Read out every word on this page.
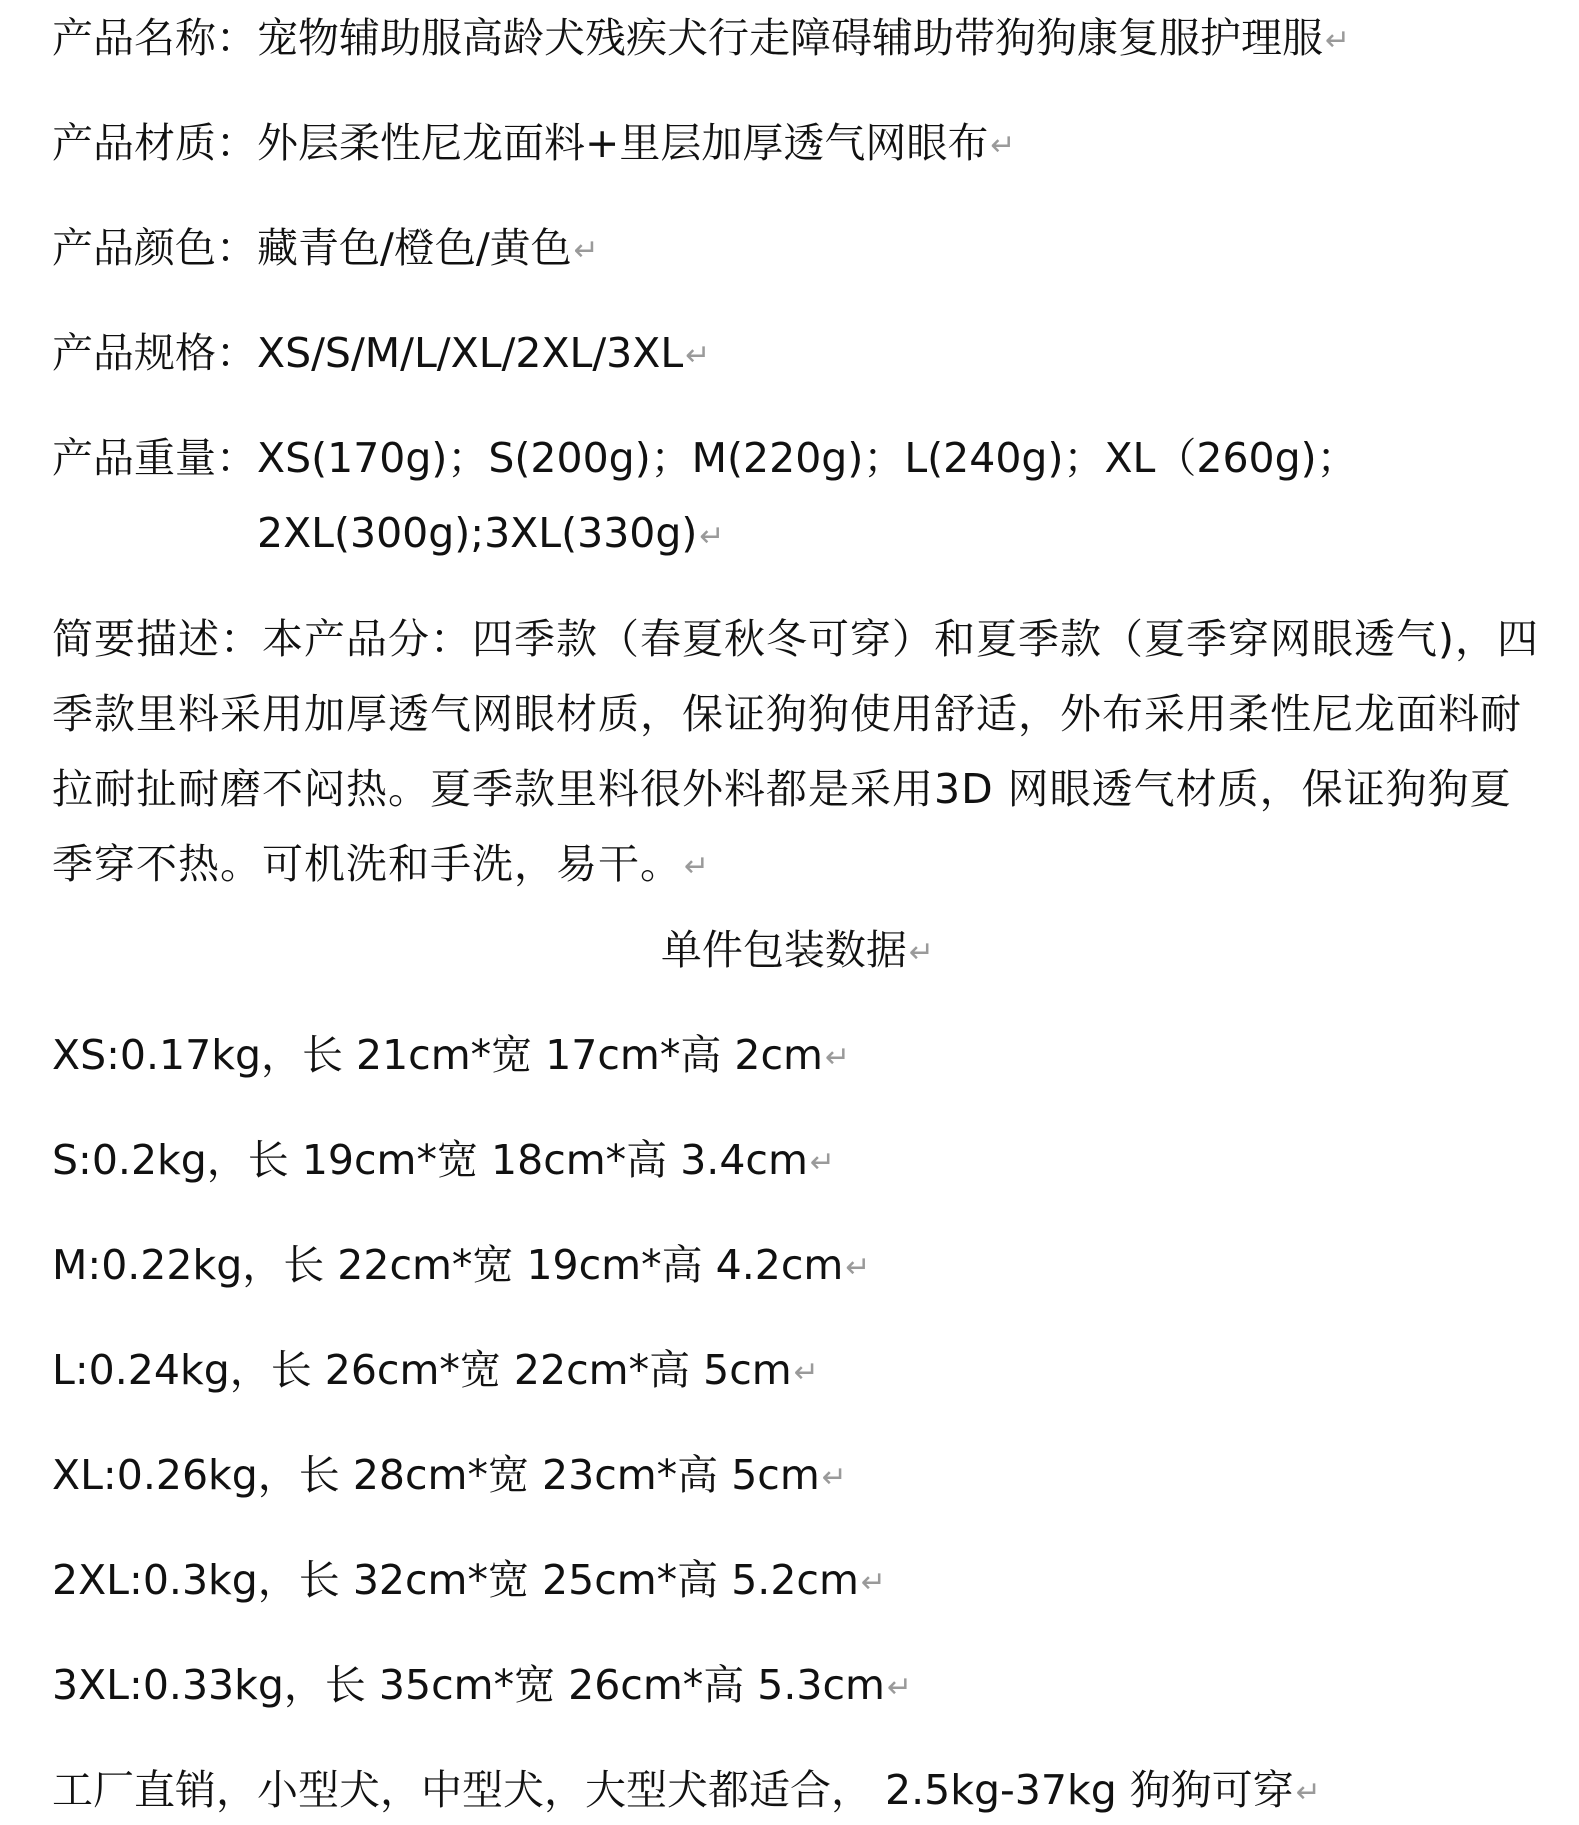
产品名称： 宠物辅助服高龄犬残疾犬行走障碍辅助带狗狗康复服护理服↵
产品材质： 外层柔性尼龙面料+里层加厚透气网眼布↵
产品颜色： 藏青色/橙色/黄色↵
产品规格： XS/S/M/L/XL/2XL/3XL↵
产品重量： XS(170g)；S(200g)；M(220g)；L(240g)；XL（260g)；2XL(300g);3XL(330g)↵

简要描述：本产品分：四季款（春夏秋冬可穿）和夏季款（夏季穿网眼透气)，四季款里料采用加厚透气网眼材质，保证狗狗使用舒适，外布采用柔性尼龙面料耐拉耐扯耐磨不闷热。夏季款里料很外料都是采用3D 网眼透气材质，保证狗狗夏季穿不热。可机洗和手洗，易干。↵

单件包装数据↵
XS:0.17kg，长 21cm*宽 17cm*高 2cm↵
S:0.2kg，长 19cm*宽 18cm*高 3.4cm↵
M:0.22kg，长 22cm*宽 19cm*高 4.2cm↵
L:0.24kg，长 26cm*宽 22cm*高 5cm↵
XL:0.26kg，长 28cm*宽 23cm*高 5cm↵
2XL:0.3kg，长 32cm*宽 25cm*高 5.2cm↵
3XL:0.33kg，长 35cm*宽 26cm*高 5.3cm↵
工厂直销，小型犬，中型犬，大型犬都适合， 2.5kg-37kg 狗狗可穿↵
